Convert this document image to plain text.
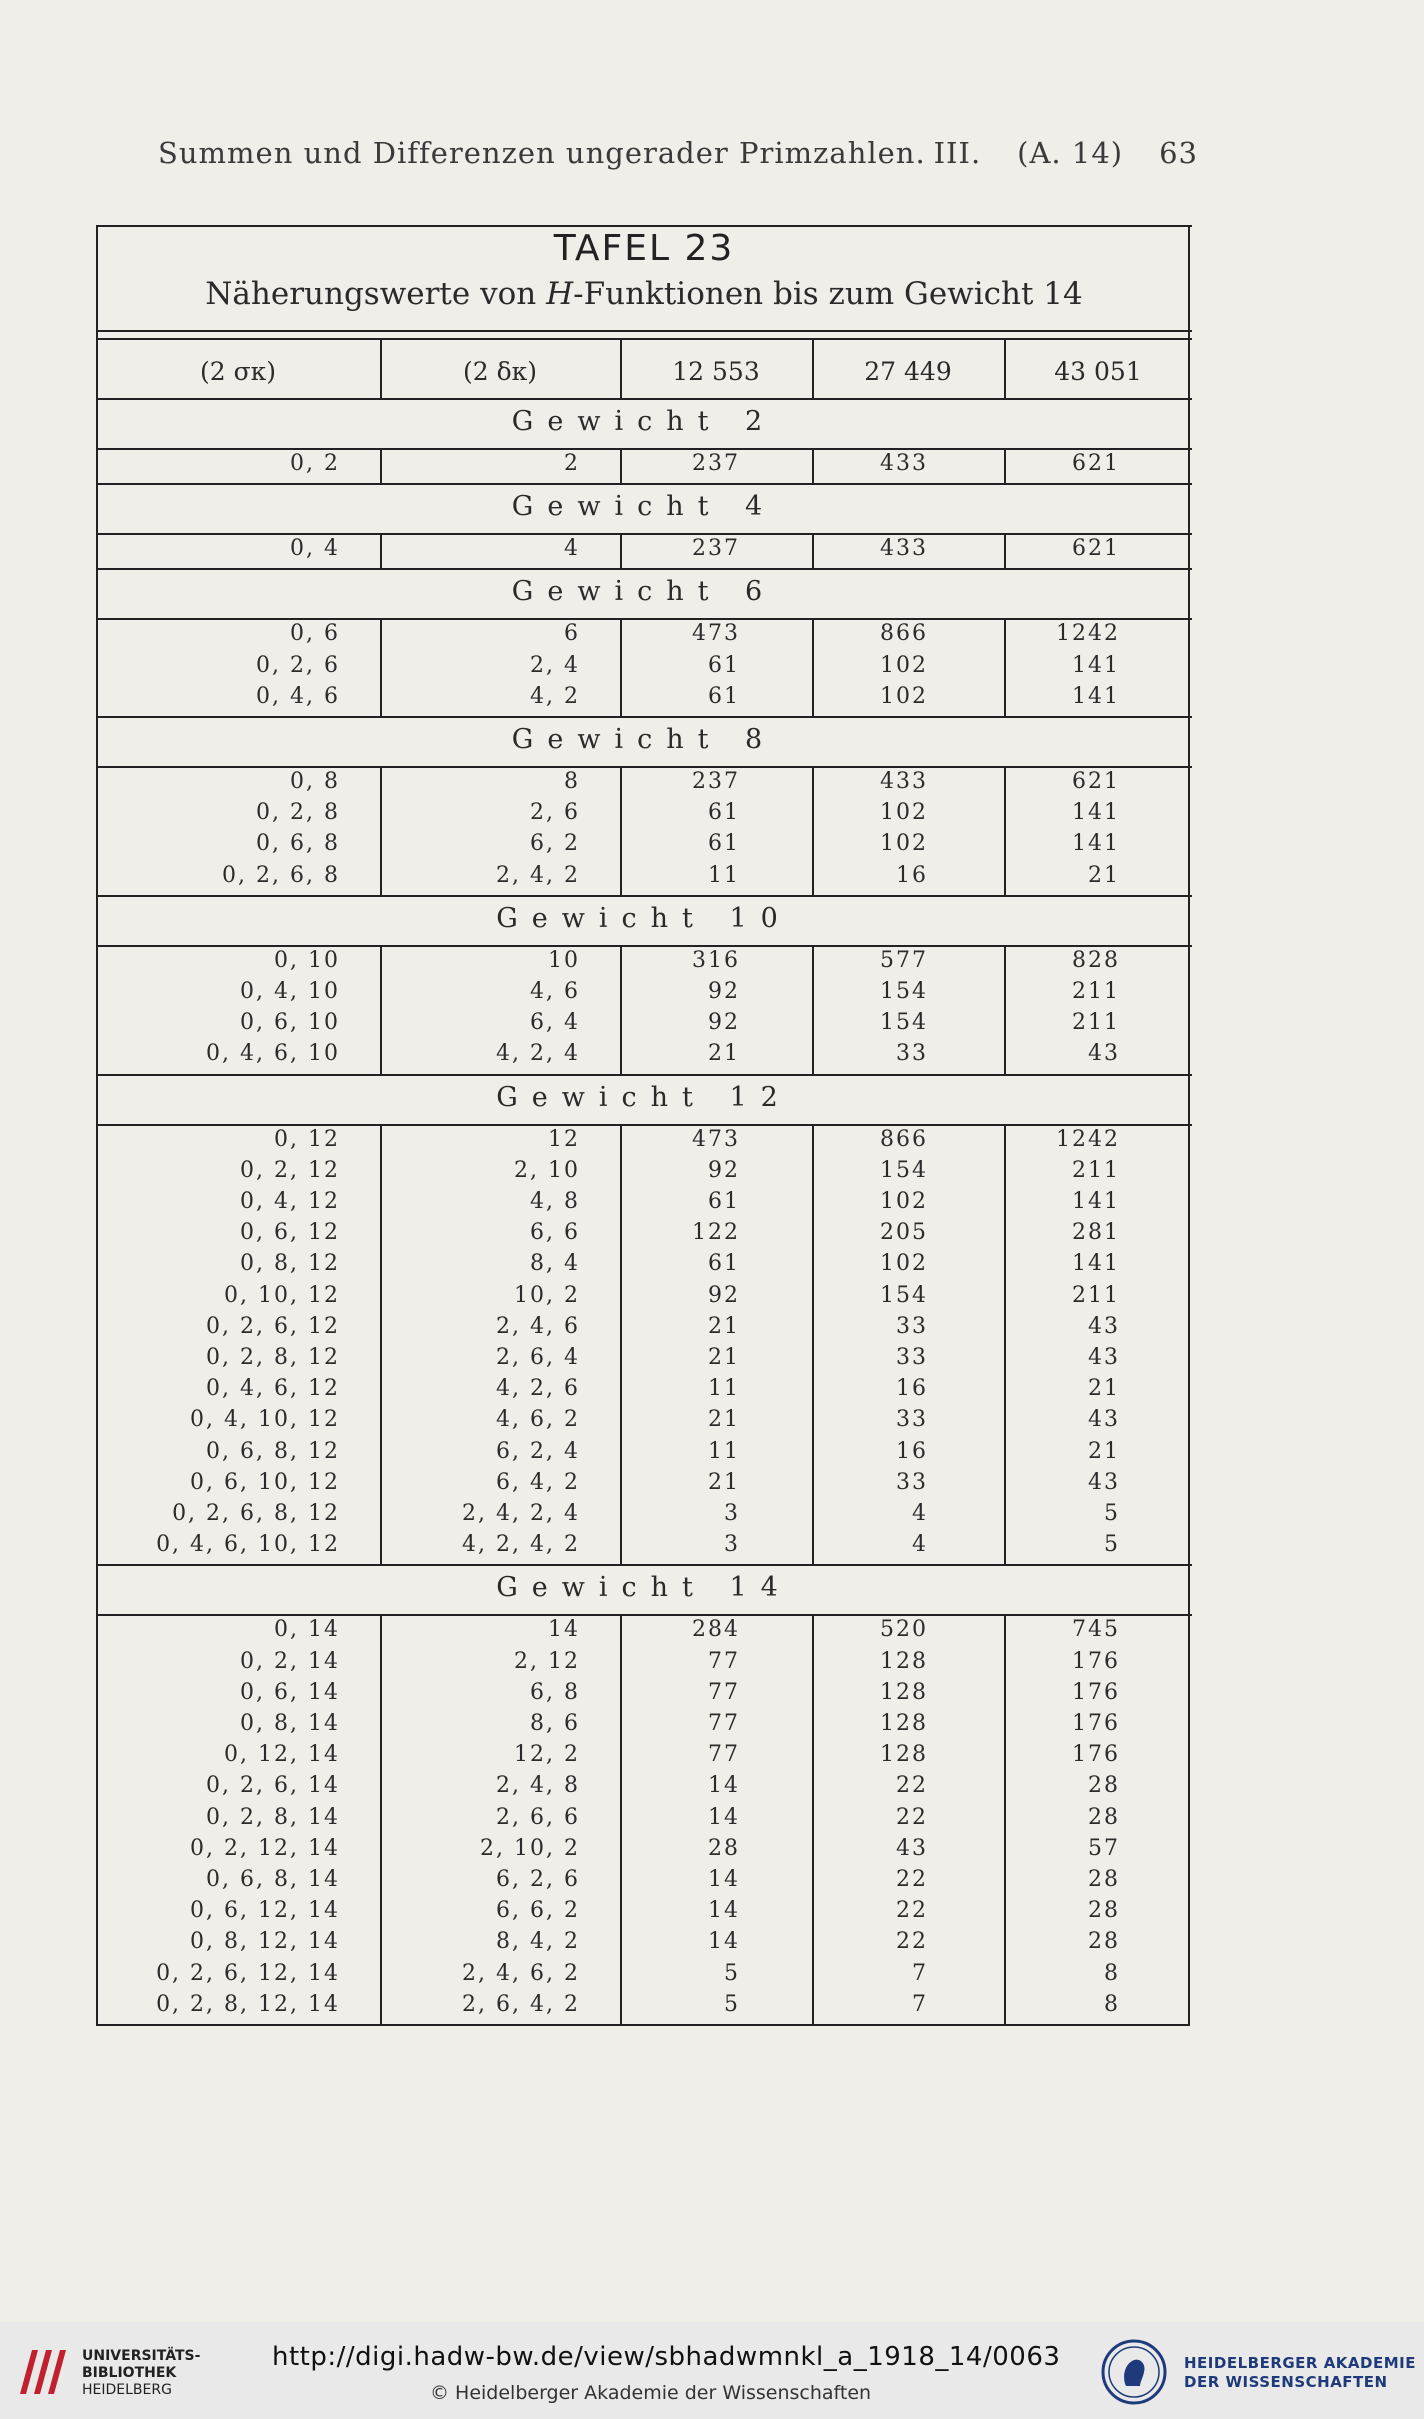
Summen und Differenzen ungerader Primzahlen. III. (A. 14) 63
TAFEL 23
Näherungswerte von H-Funktionen bis zum Gewicht 14
(2 σκ)	(2 δκ)	12 553	27 449	43 051
Gewicht 2
0, 2	2	237	433	621
Gewicht 4
0, 4	4	237	433	621
Gewicht 6
0, 6	6	473	866	1242
0, 2, 6	2, 4	61	102	141
0, 4, 6	4, 2	61	102	141
Gewicht 8
0, 8	8	237	433	621
0, 2, 8	2, 6	61	102	141
0, 6, 8	6, 2	61	102	141
0, 2, 6, 8	2, 4, 2	11	16	21
Gewicht 10
0, 10	10	316	577	828
0, 4, 10	4, 6	92	154	211
0, 6, 10	6, 4	92	154	211
0, 4, 6, 10	4, 2, 4	21	33	43
Gewicht 12
0, 12	12	473	866	1242
0, 2, 12	2, 10	92	154	211
0, 4, 12	4, 8	61	102	141
0, 6, 12	6, 6	122	205	281
0, 8, 12	8, 4	61	102	141
0, 10, 12	10, 2	92	154	211
0, 2, 6, 12	2, 4, 6	21	33	43
0, 2, 8, 12	2, 6, 4	21	33	43
0, 4, 6, 12	4, 2, 6	11	16	21
0, 4, 10, 12	4, 6, 2	21	33	43
0, 6, 8, 12	6, 2, 4	11	16	21
0, 6, 10, 12	6, 4, 2	21	33	43
0, 2, 6, 8, 12	2, 4, 2, 4	3	4	5
0, 4, 6, 10, 12	4, 2, 4, 2	3	4	5
Gewicht 14
0, 14	14	284	520	745
0, 2, 14	2, 12	77	128	176
0, 6, 14	6, 8	77	128	176
0, 8, 14	8, 6	77	128	176
0, 12, 14	12, 2	77	128	176
0, 2, 6, 14	2, 4, 8	14	22	28
0, 2, 8, 14	2, 6, 6	14	22	28
0, 2, 12, 14	2, 10, 2	28	43	57
0, 6, 8, 14	6, 2, 6	14	22	28
0, 6, 12, 14	6, 6, 2	14	22	28
0, 8, 12, 14	8, 4, 2	14	22	28
0, 2, 6, 12, 14	2, 4, 6, 2	5	7	8
0, 2, 8, 12, 14	2, 6, 4, 2	5	7	8
UNIVERSITÄTS-
BIBLIOTHEK
HEIDELBERG
http://digi.hadw-bw.de/view/sbhadwmnkl_a_1918_14/0063
© Heidelberger Akademie der Wissenschaften
HEIDELBERGER AKADEMIE
DER WISSENSCHAFTEN
